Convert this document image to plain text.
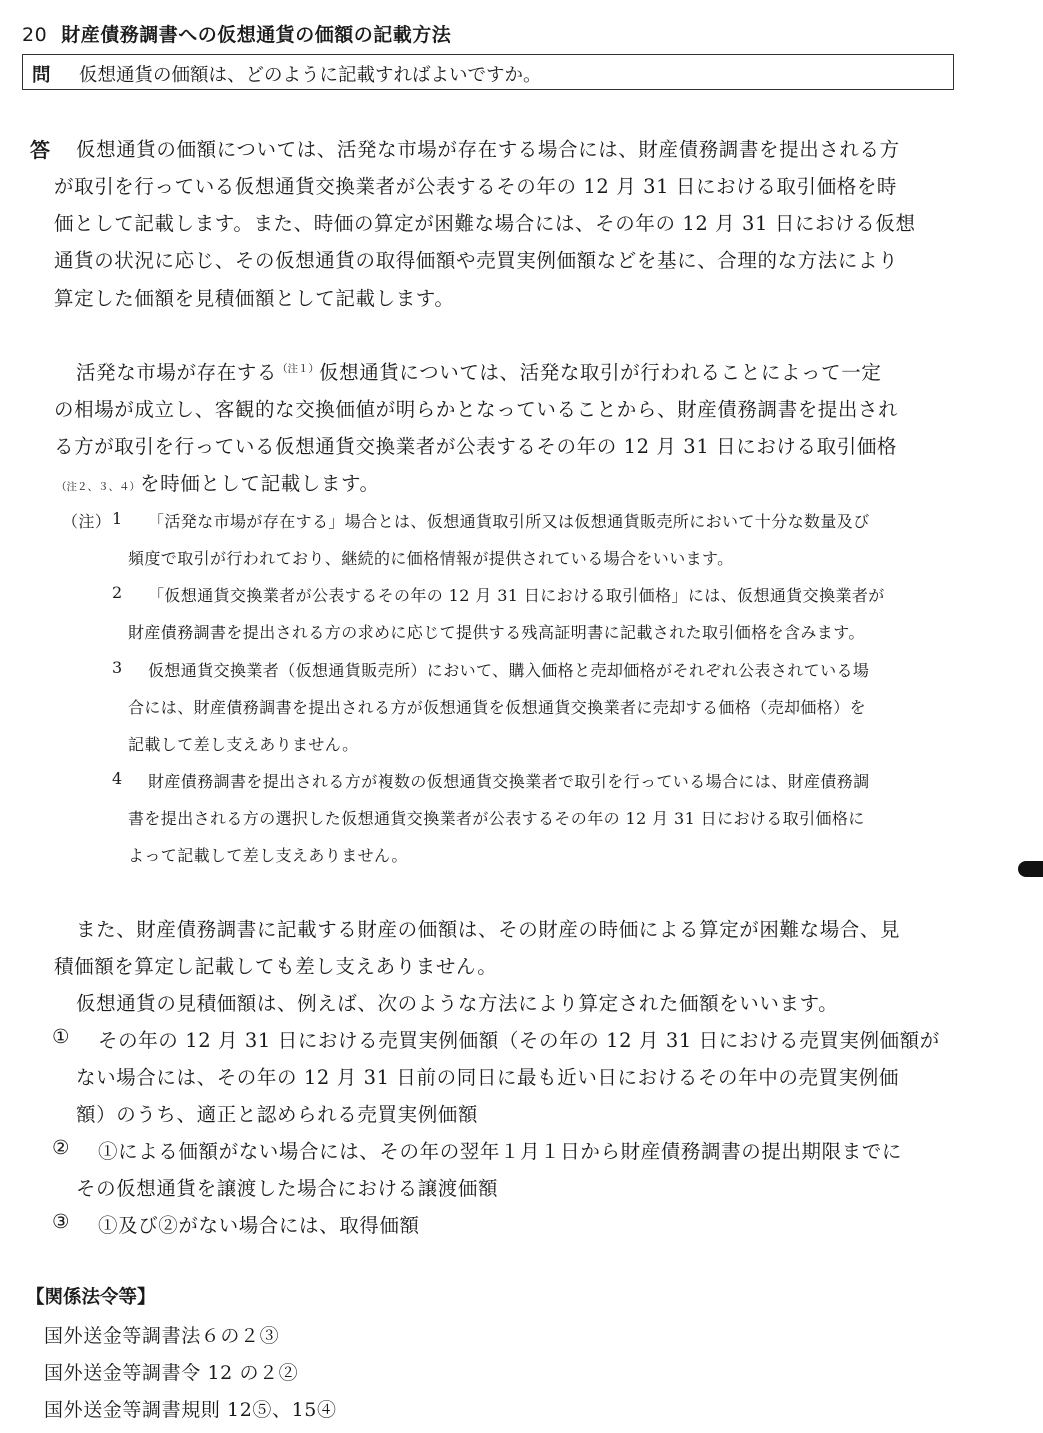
20 財産債務調書への仮想通貨の価額の記載方法
問 仮想通貨の価額は、どのように記載すればよいですか。
答 仮想通貨の価額については、活発な市場が存在する場合には、財産債務調書を提出される方
が取引を行っている仮想通貨交換業者が公表するその年の 12 月 31 日における取引価格を時
価として記載します。また、時価の算定が困難な場合には、その年の 12 月 31 日における仮想
通貨の状況に応じ、その仮想通貨の取得価額や売買実例価額などを基に、合理的な方法により
算定した価額を見積価額として記載します。
活発な市場が存在する$^{(注1)}$仮想通貨については、活発な取引が行われることによって一定
の相場が成立し、客観的な交換価値が明らかとなっていることから、財産債務調書を提出され
る方が取引を行っている仮想通貨交換業者が公表するその年の 12 月 31 日における取引価格
（注２、３、４）を時価として記載します。
（注） 1 「活発な市場が存在する」場合とは、仮想通貨取引所又は仮想通貨販売所において十分な数量及び
頻度で取引が行われており、継続的に価格情報が提供されている場合をいいます。
2 「仮想通貨交換業者が公表するその年の 12 月 31 日における取引価格」には、仮想通貨交換業者が
財産債務調書を提出される方の求めに応じて提供する残高証明書に記載された取引価格を含みます。
3 仮想通貨交換業者（仮想通貨販売所）において、購入価格と売却価格がそれぞれ公表されている場
合には、財産債務調書を提出される方が仮想通貨を仮想通貨交換業者に売却する価格（売却価格）を
記載して差し支えありません。
4 財産債務調書を提出される方が複数の仮想通貨交換業者で取引を行っている場合には、財産債務調
書を提出される方の選択した仮想通貨交換業者が公表するその年の 12 月 31 日における取引価格に
よって記載して差し支えありません。
また、財産債務調書に記載する財産の価額は、その財産の時価による算定が困難な場合、見
積価額を算定し記載しても差し支えありません。
仮想通貨の見積価額は、例えば、次のような方法により算定された価額をいいます。
① その年の 12 月 31 日における売買実例価額（その年の 12 月 31 日における売買実例価額が
ない場合には、その年の 12 月 31 日前の同日に最も近い日におけるその年中の売買実例価
額）のうち、適正と認められる売買実例価額
② ①による価額がない場合には、その年の翌年１月１日から財産債務調書の提出期限までに
その仮想通貨を譲渡した場合における譲渡価額
③ ①及び②がない場合には、取得価額
【関係法令等】
国外送金等調書法６の２③
国外送金等調書令 12 の２②
国外送金等調書規則 12⑤、15④
